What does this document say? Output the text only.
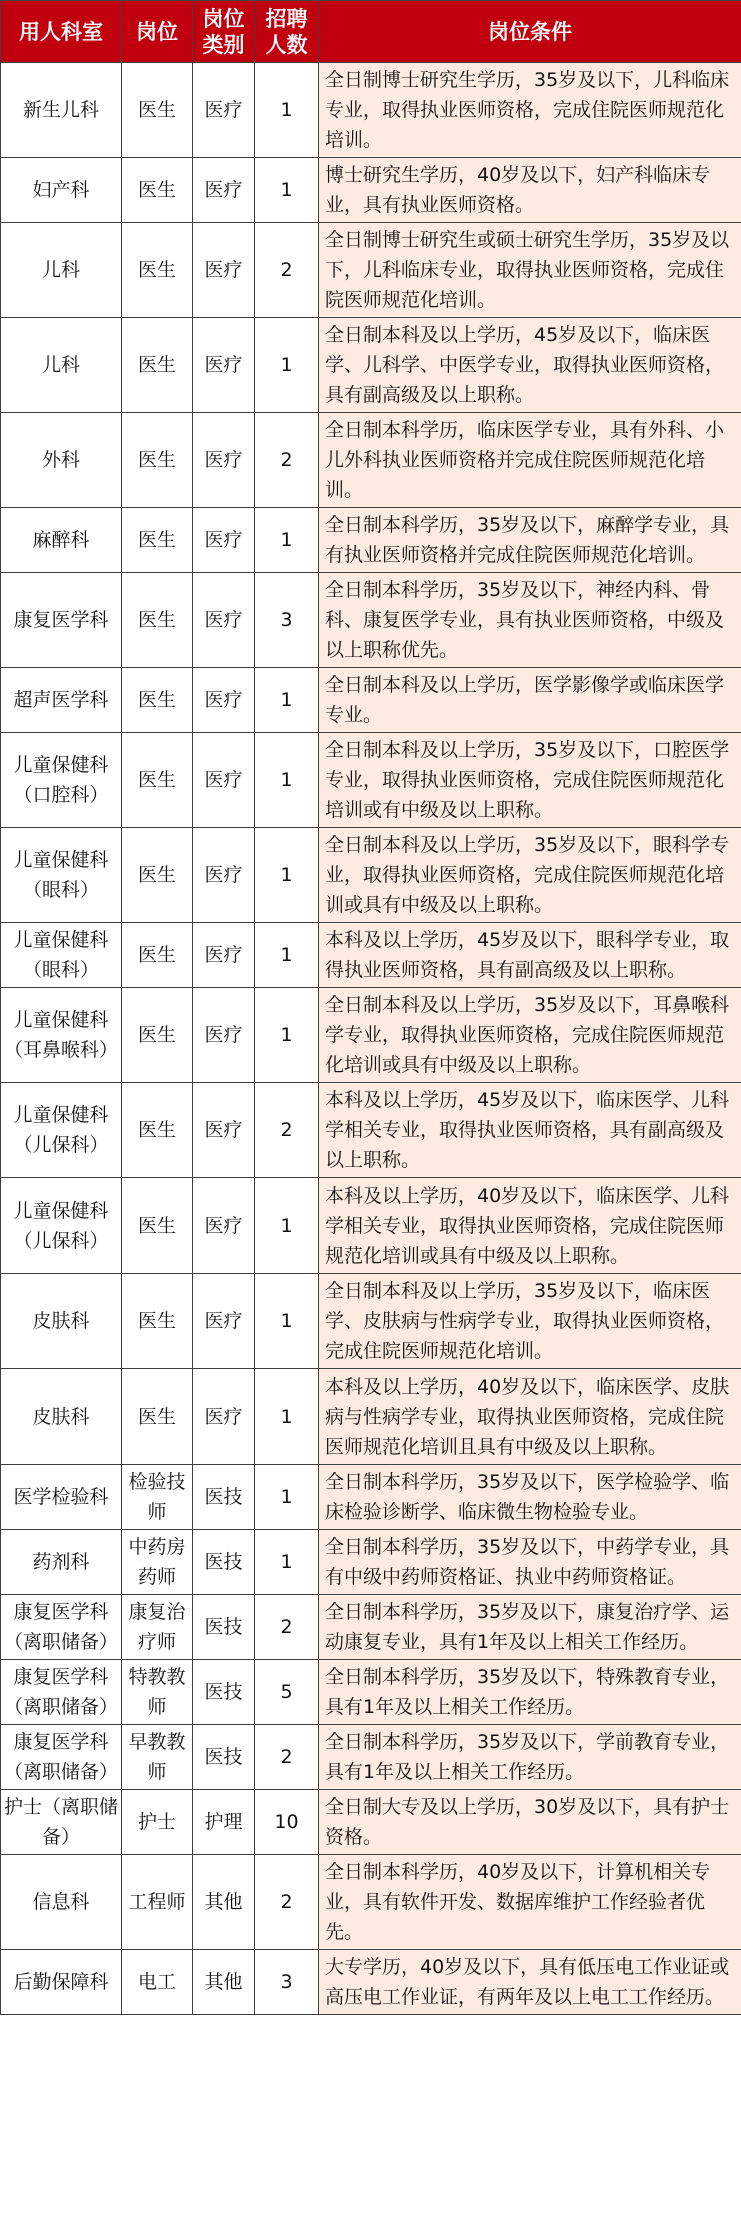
用人科室	岗位	岗位类别	招聘人数	岗位条件
新生儿科	医生	医疗	1	全日制博士研究生学历，35岁及以下，儿科临床专业，取得执业医师资格，完成住院医师规范化培训。
妇产科	医生	医疗	1	博士研究生学历，40岁及以下，妇产科临床专业，具有执业医师资格。
儿科	医生	医疗	2	全日制博士研究生或硕士研究生学历，35岁及以下，儿科临床专业，取得执业医师资格，完成住院医师规范化培训。
儿科	医生	医疗	1	全日制本科及以上学历，45岁及以下，临床医学、儿科学、中医学专业，取得执业医师资格，具有副高级及以上职称。
外科	医生	医疗	2	全日制本科学历，临床医学专业，具有外科、小儿外科执业医师资格并完成住院医师规范化培训。
麻醉科	医生	医疗	1	全日制本科学历，35岁及以下，麻醉学专业，具有执业医师资格并完成住院医师规范化培训。
康复医学科	医生	医疗	3	全日制本科学历，35岁及以下，神经内科、骨科、康复医学专业，具有执业医师资格，中级及以上职称优先。
超声医学科	医生	医疗	1	全日制本科及以上学历，医学影像学或临床医学专业。
儿童保健科（口腔科）	医生	医疗	1	全日制本科及以上学历，35岁及以下，口腔医学专业，取得执业医师资格，完成住院医师规范化培训或有中级及以上职称。
儿童保健科（眼科）	医生	医疗	1	全日制本科及以上学历，35岁及以下，眼科学专业，取得执业医师资格，完成住院医师规范化培训或具有中级及以上职称。
儿童保健科（眼科）	医生	医疗	1	本科及以上学历，45岁及以下，眼科学专业，取得执业医师资格，具有副高级及以上职称。
儿童保健科（耳鼻喉科）	医生	医疗	1	全日制本科及以上学历，35岁及以下，耳鼻喉科学专业，取得执业医师资格，完成住院医师规范化培训或具有中级及以上职称。
儿童保健科（儿保科）	医生	医疗	2	本科及以上学历，45岁及以下，临床医学、儿科学相关专业，取得执业医师资格，具有副高级及以上职称。
儿童保健科（儿保科）	医生	医疗	1	本科及以上学历，40岁及以下，临床医学、儿科学相关专业，取得执业医师资格，完成住院医师规范化培训或具有中级及以上职称。
皮肤科	医生	医疗	1	全日制本科及以上学历，35岁及以下，临床医学、皮肤病与性病学专业，取得执业医师资格，完成住院医师规范化培训。
皮肤科	医生	医疗	1	本科及以上学历，40岁及以下，临床医学、皮肤病与性病学专业，取得执业医师资格，完成住院医师规范化培训且具有中级及以上职称。
医学检验科	检验技师	医技	1	全日制本科学历，35岁及以下，医学检验学、临床检验诊断学、临床微生物检验专业。
药剂科	中药房药师	医技	1	全日制本科学历，35岁及以下，中药学专业，具有中级中药师资格证、执业中药师资格证。
康复医学科（离职储备）	康复治疗师	医技	2	全日制本科学历，35岁及以下，康复治疗学、运动康复专业，具有1年及以上相关工作经历。
康复医学科（离职储备）	特教教师	医技	5	全日制本科学历，35岁及以下，特殊教育专业，具有1年及以上相关工作经历。
康复医学科（离职储备）	早教教师	医技	2	全日制本科学历，35岁及以下，学前教育专业，具有1年及以上相关工作经历。
护士（离职储备）	护士	护理	10	全日制大专及以上学历，30岁及以下，具有护士资格。
信息科	工程师	其他	2	全日制本科学历，40岁及以下，计算机相关专业，具有软件开发、数据库维护工作经验者优先。
后勤保障科	电工	其他	3	大专学历，40岁及以下，具有低压电工作业证或高压电工作业证，有两年及以上电工工作经历。
